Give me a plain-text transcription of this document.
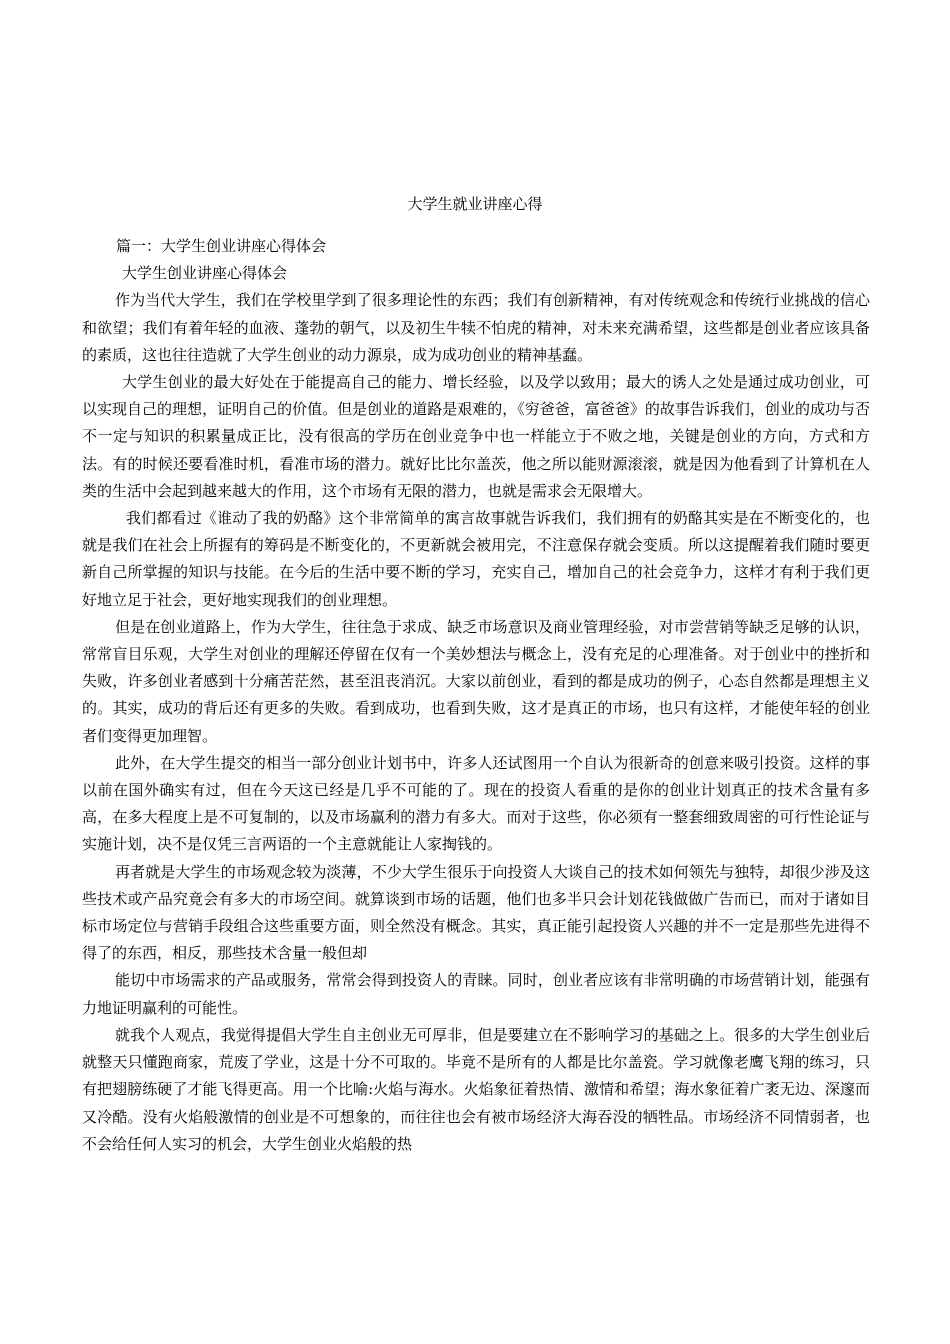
大学生就业讲座心得

篇一：大学生创业讲座心得体会

大学生创业讲座心得体会

作为当代大学生，我们在学校里学到了很多理论性的东西；我们有创新精神，有对传统观念和传统行业挑战的信心和欲望；我们有着年轻的血液、蓬勃的朝气，以及初生牛犊不怕虎的精神，对未来充满希望，这些都是创业者应该具备的素质，这也往往造就了大学生创业的动力源泉，成为成功创业的精神基蠢。

大学生创业的最大好处在于能提高自己的能力、增长经验，以及学以致用；最大的诱人之处是通过成功创业，可以实现自己的理想，证明自己的价值。但是创业的道路是艰难的，《穷爸爸，富爸爸》的故事告诉我们，创业的成功与否不一定与知识的积累量成正比，没有很高的学历在创业竞争中也一样能立于不败之地，关键是创业的方向，方式和方法。有的时候还要看准时机，看准市场的潜力。就好比比尔盖茨，他之所以能财源滚滚，就是因为他看到了计算机在人类的生活中会起到越来越大的作用，这个市场有无限的潜力，也就是需求会无限增大。

我们都看过《谁动了我的奶酪》这个非常简单的寓言故事就告诉我们，我们拥有的奶酪其实是在不断变化的，也就是我们在社会上所握有的筹码是不断变化的，不更新就会被用完，不注意保存就会变质。所以这提醒着我们随时要更新自己所掌握的知识与技能。在今后的生活中要不断的学习，充实自己，增加自己的社会竞争力，这样才有利于我们更好地立足于社会，更好地实现我们的创业理想。

但是在创业道路上，作为大学生，往往急于求成、缺乏市场意识及商业管理经验，对市尝营销等缺乏足够的认识，常常盲目乐观，大学生对创业的理解还停留在仅有一个美妙想法与概念上，没有充足的心理准备。对于创业中的挫折和失败，许多创业者感到十分痛苦茫然，甚至沮丧消沉。大家以前创业，看到的都是成功的例子，心态自然都是理想主义的。其实，成功的背后还有更多的失败。看到成功，也看到失败，这才是真正的市场，也只有这样，才能使年轻的创业者们变得更加理智。

此外，在大学生提交的相当一部分创业计划书中，许多人还试图用一个自认为很新奇的创意来吸引投资。这样的事以前在国外确实有过，但在今天这已经是几乎不可能的了。现在的投资人看重的是你的创业计划真正的技术含量有多高，在多大程度上是不可复制的，以及市场赢利的潜力有多大。而对于这些，你必须有一整套细致周密的可行性论证与实施计划，决不是仅凭三言两语的一个主意就能让人家掏钱的。

再者就是大学生的市场观念较为淡薄，不少大学生很乐于向投资人大谈自己的技术如何领先与独特，却很少涉及这些技术或产品究竟会有多大的市场空间。就算谈到市场的话题，他们也多半只会计划花钱做做广告而已，而对于诸如目标市场定位与营销手段组合这些重要方面，则全然没有概念。其实，真正能引起投资人兴趣的并不一定是那些先进得不得了的东西，相反，那些技术含量一般但却

能切中市场需求的产品或服务，常常会得到投资人的青睐。同时，创业者应该有非常明确的市场营销计划，能强有力地证明赢利的可能性。

就我个人观点，我觉得提倡大学生自主创业无可厚非，但是要建立在不影响学习的基础之上。很多的大学生创业后就整天只懂跑商家，荒废了学业，这是十分不可取的。毕竟不是所有的人都是比尔盖瓷。学习就像老鹰飞翔的练习，只有把翅膀练硬了才能飞得更高。用一个比喻:火焰与海水。火焰象征着热情、激情和希望；海水象征着广袤无边、深邃而又冷酷。没有火焰般激情的创业是不可想象的，而往往也会有被市场经济大海吞没的牺牲品。市场经济不同情弱者，也不会给任何人实习的机会，大学生创业火焰般的热
